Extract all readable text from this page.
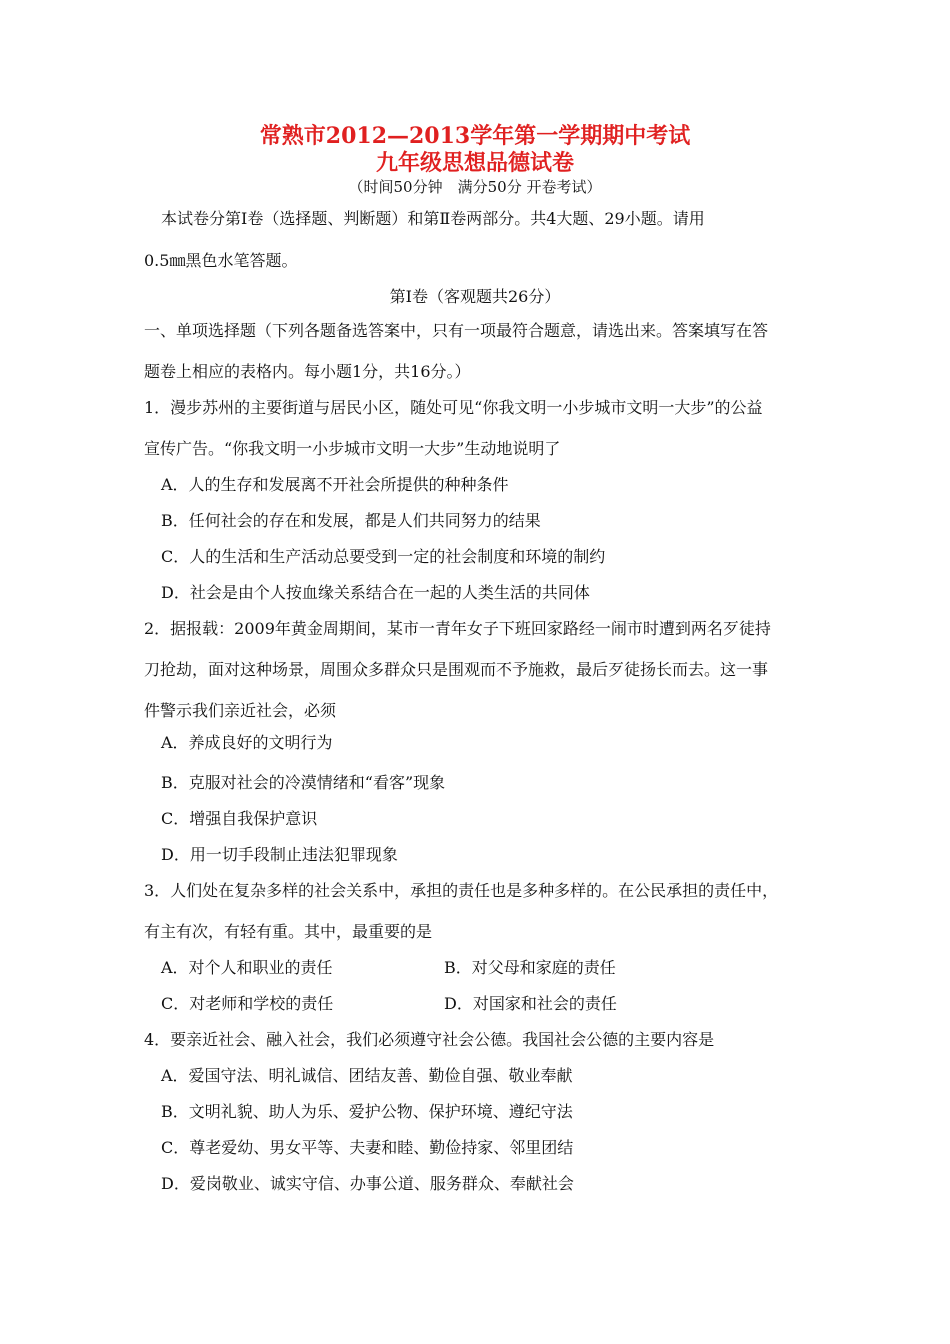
常熟市2012—2013学年第一学期期中考试
九年级思想品德试卷
（时间50分钟　满分50分 开卷考试）
本试卷分第Ⅰ卷（选择题、判断题）和第Ⅱ卷两部分。共4大题、29小题。请用
0.5㎜黑色水笔答题。
第Ⅰ卷（客观题共26分）
一、单项选择题（下列各题备选答案中，只有一项最符合题意，请选出来。答案填写在答
题卷上相应的表格内。每小题1分，共16分。）
1．漫步苏州的主要街道与居民小区，随处可见“你我文明一小步城市文明一大步”的公益
宣传广告。“你我文明一小步城市文明一大步”生动地说明了
A．人的生存和发展离不开社会所提供的种种条件
B．任何社会的存在和发展，都是人们共同努力的结果
C．人的生活和生产活动总要受到一定的社会制度和环境的制约
D．社会是由个人按血缘关系结合在一起的人类生活的共同体
2．据报载：2009年黄金周期间，某市一青年女子下班回家路经一闹市时遭到两名歹徒持
刀抢劫，面对这种场景，周围众多群众只是围观而不予施救，最后歹徒扬长而去。这一事
件警示我们亲近社会，必须
A．养成良好的文明行为
B．克服对社会的冷漠情绪和“看客”现象
C．增强自我保护意识
D．用一切手段制止违法犯罪现象
3．人们处在复杂多样的社会关系中，承担的责任也是多种多样的。在公民承担的责任中，
有主有次，有轻有重。其中，最重要的是
A．对个人和职业的责任	B．对父母和家庭的责任
C．对老师和学校的责任	D．对国家和社会的责任
4．要亲近社会、融入社会，我们必须遵守社会公德。我国社会公德的主要内容是
A．爱国守法、明礼诚信、团结友善、勤俭自强、敬业奉献
B．文明礼貌、助人为乐、爱护公物、保护环境、遵纪守法
C．尊老爱幼、男女平等、夫妻和睦、勤俭持家、邻里团结
D．爱岗敬业、诚实守信、办事公道、服务群众、奉献社会
